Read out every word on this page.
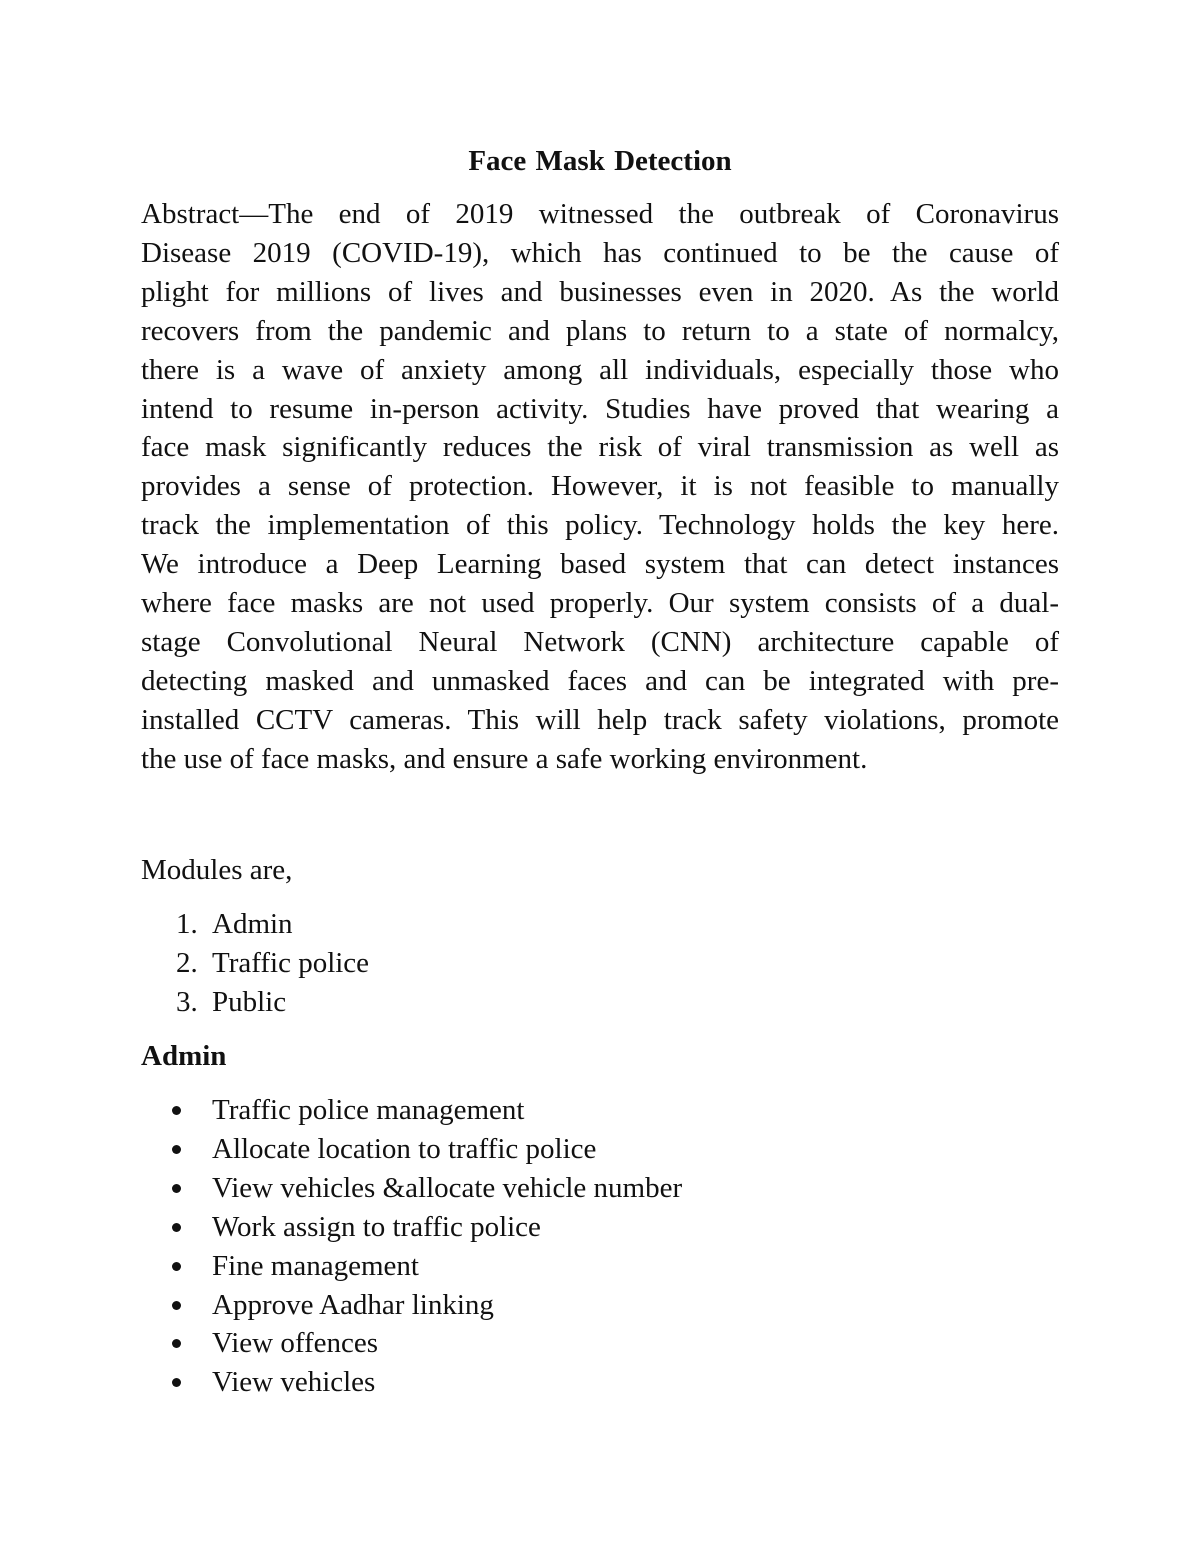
Face Mask Detection
Abstract—The end of 2019 witnessed the outbreak of Coronavirus
Disease 2019 (COVID-19), which has continued to be the cause of
plight for millions of lives and businesses even in 2020. As the world
recovers from the pandemic and plans to return to a state of normalcy,
there is a wave of anxiety among all individuals, especially those who
intend to resume in-person activity. Studies have proved that wearing a
face mask significantly reduces the risk of viral transmission as well as
provides a sense of protection. However, it is not feasible to manually
track the implementation of this policy. Technology holds the key here.
We introduce a Deep Learning based system that can detect instances
where face masks are not used properly. Our system consists of a dual-
stage Convolutional Neural Network (CNN) architecture capable of
detecting masked and unmasked faces and can be integrated with pre-
installed CCTV cameras. This will help track safety violations, promote
the use of face masks, and ensure a safe working environment.

Modules are,

1. Admin
2. Traffic police
3. Public
Admin
Traffic police management
Allocate location to traffic police
View vehicles &allocate vehicle number
Work assign to traffic police
Fine management
Approve Aadhar linking
View offences
View vehicles
